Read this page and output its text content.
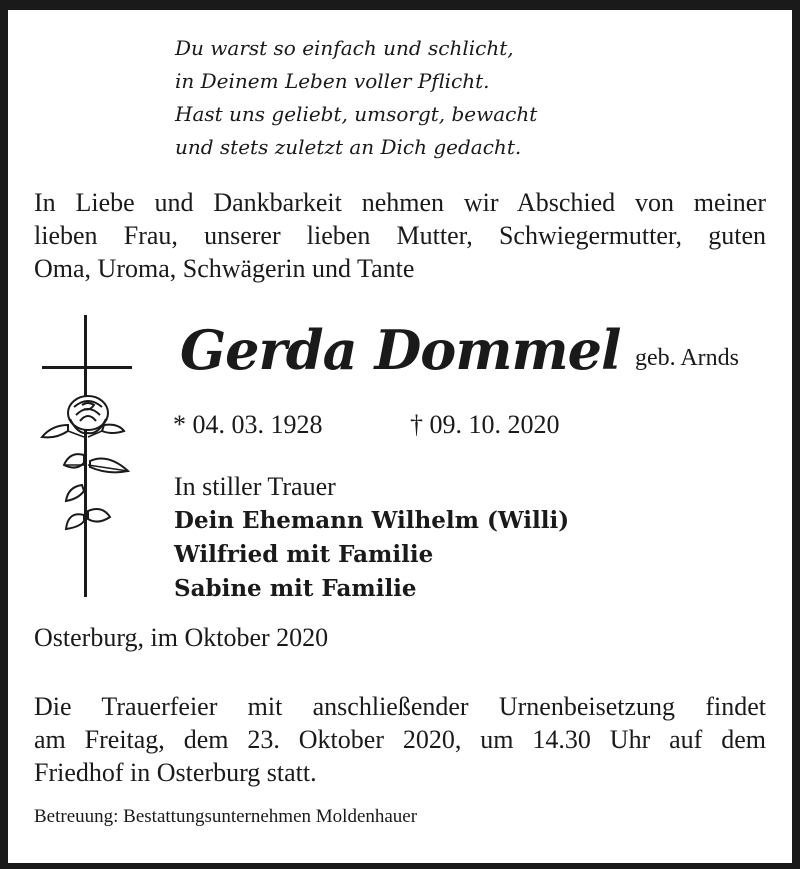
Du warst so einfach und schlicht,
in Deinem Leben voller Pflicht.
Hast uns geliebt, umsorgt, bewacht
und stets zuletzt an Dich gedacht.
In Liebe und Dankbarkeit nehmen wir Abschied von meiner
lieben Frau, unserer lieben Mutter, Schwiegermutter, guten
Oma, Uroma, Schwägerin und Tante
Gerda Dommel geb. Arnds
* 04. 03. 1928	† 09. 10. 2020
In stiller Trauer
Dein Ehemann Wilhelm (Willi)
Wilfried mit Familie
Sabine mit Familie
Osterburg, im Oktober 2020
Die Trauerfeier mit anschließender Urnenbeisetzung findet
am Freitag, dem 23. Oktober 2020, um 14.30 Uhr auf dem
Friedhof in Osterburg statt.
Betreuung: Bestattungsunternehmen Moldenhauer
